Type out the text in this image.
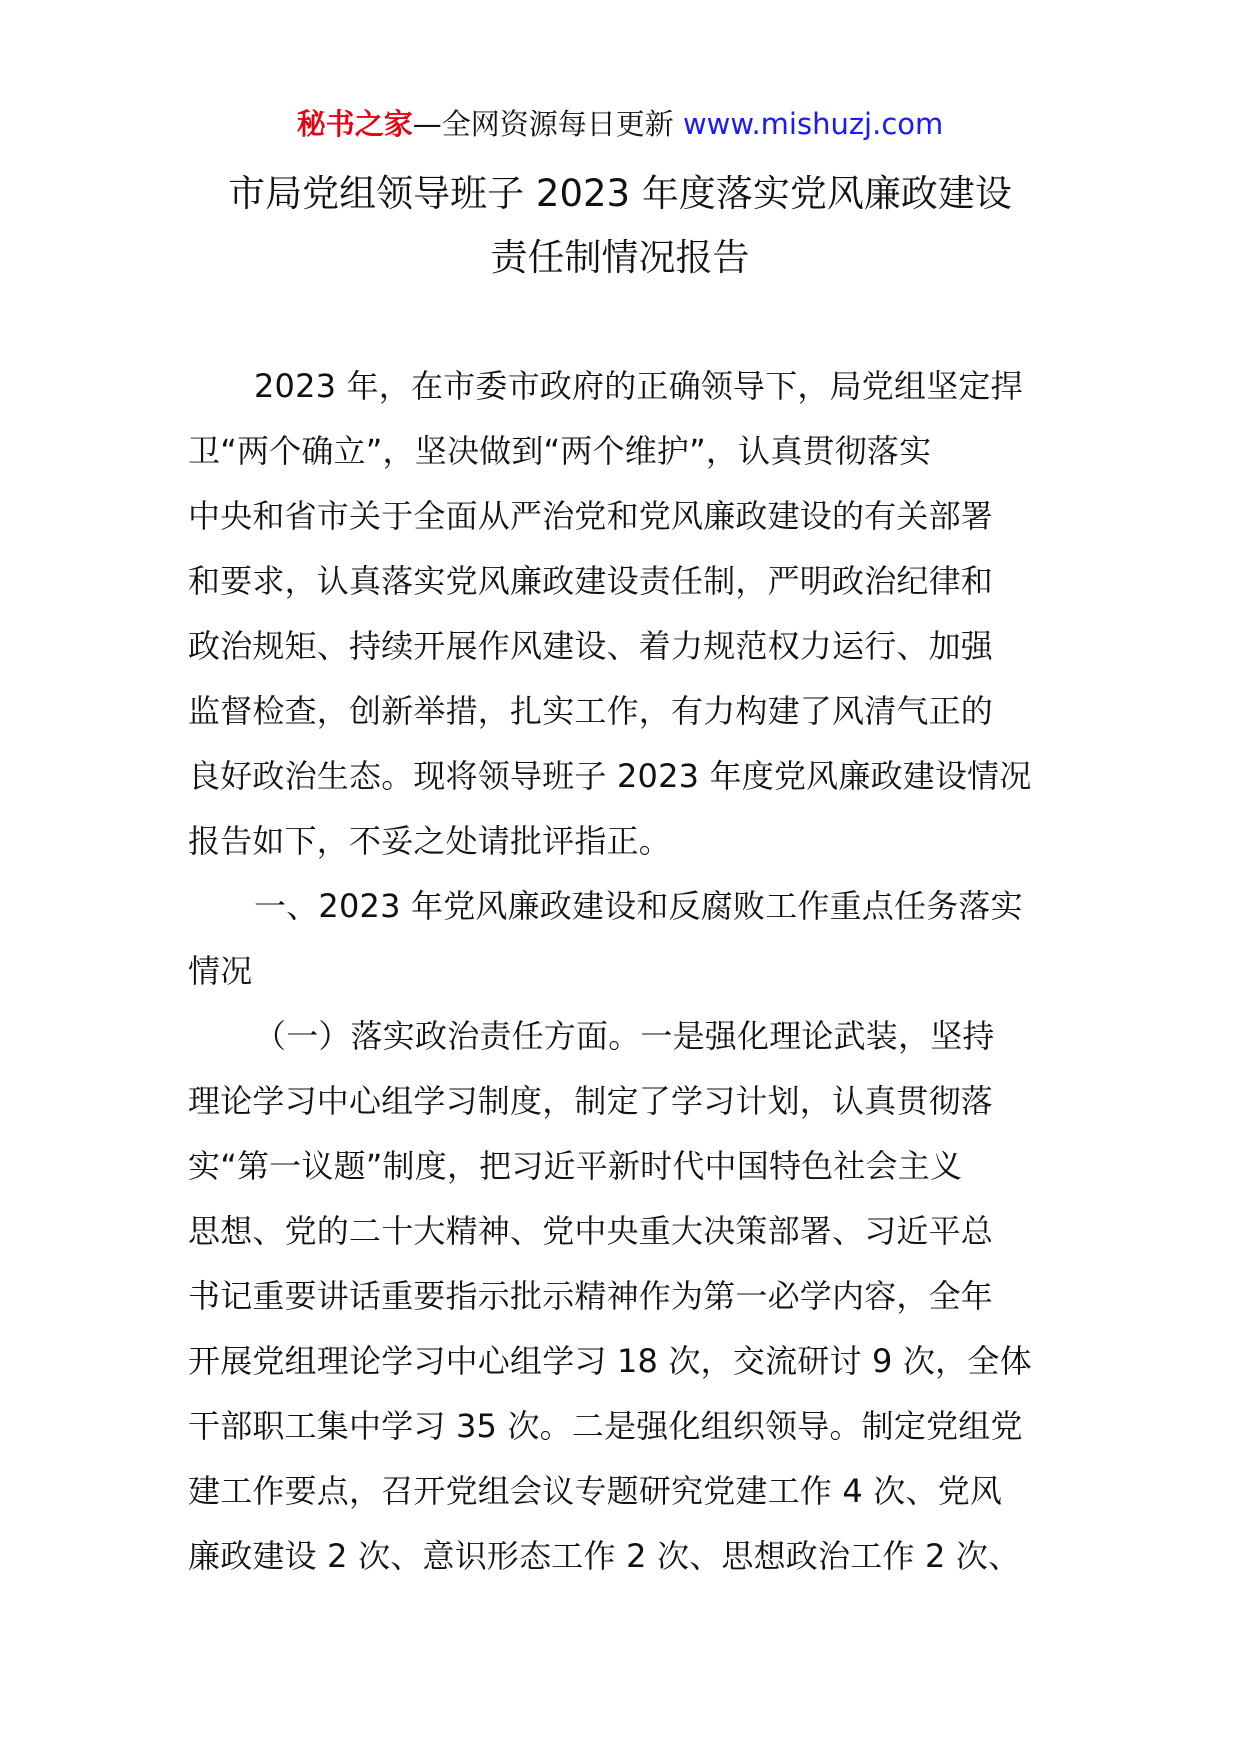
秘书之家—全网资源每日更新 www.mishuzj.com
市局党组领导班子 2023 年度落实党风廉政建设
责任制情况报告
2023 年，在市委市政府的正确领导下，局党组坚定捍
卫“两个确立”，坚决做到“两个维护”，认真贯彻落实
中央和省市关于全面从严治党和党风廉政建设的有关部署
和要求，认真落实党风廉政建设责任制，严明政治纪律和
政治规矩、持续开展作风建设、着力规范权力运行、加强
监督检查，创新举措，扎实工作，有力构建了风清气正的
良好政治生态。现将领导班子 2023 年度党风廉政建设情况
报告如下，不妥之处请批评指正。
一、2023 年党风廉政建设和反腐败工作重点任务落实
情况
（一）落实政治责任方面。一是强化理论武装，坚持
理论学习中心组学习制度，制定了学习计划，认真贯彻落
实“第一议题”制度，把习近平新时代中国特色社会主义
思想、党的二十大精神、党中央重大决策部署、习近平总
书记重要讲话重要指示批示精神作为第一必学内容，全年
开展党组理论学习中心组学习 18 次，交流研讨 9 次，全体
干部职工集中学习 35 次。二是强化组织领导。制定党组党
建工作要点，召开党组会议专题研究党建工作 4 次、党风
廉政建设 2 次、意识形态工作 2 次、思想政治工作 2 次、
